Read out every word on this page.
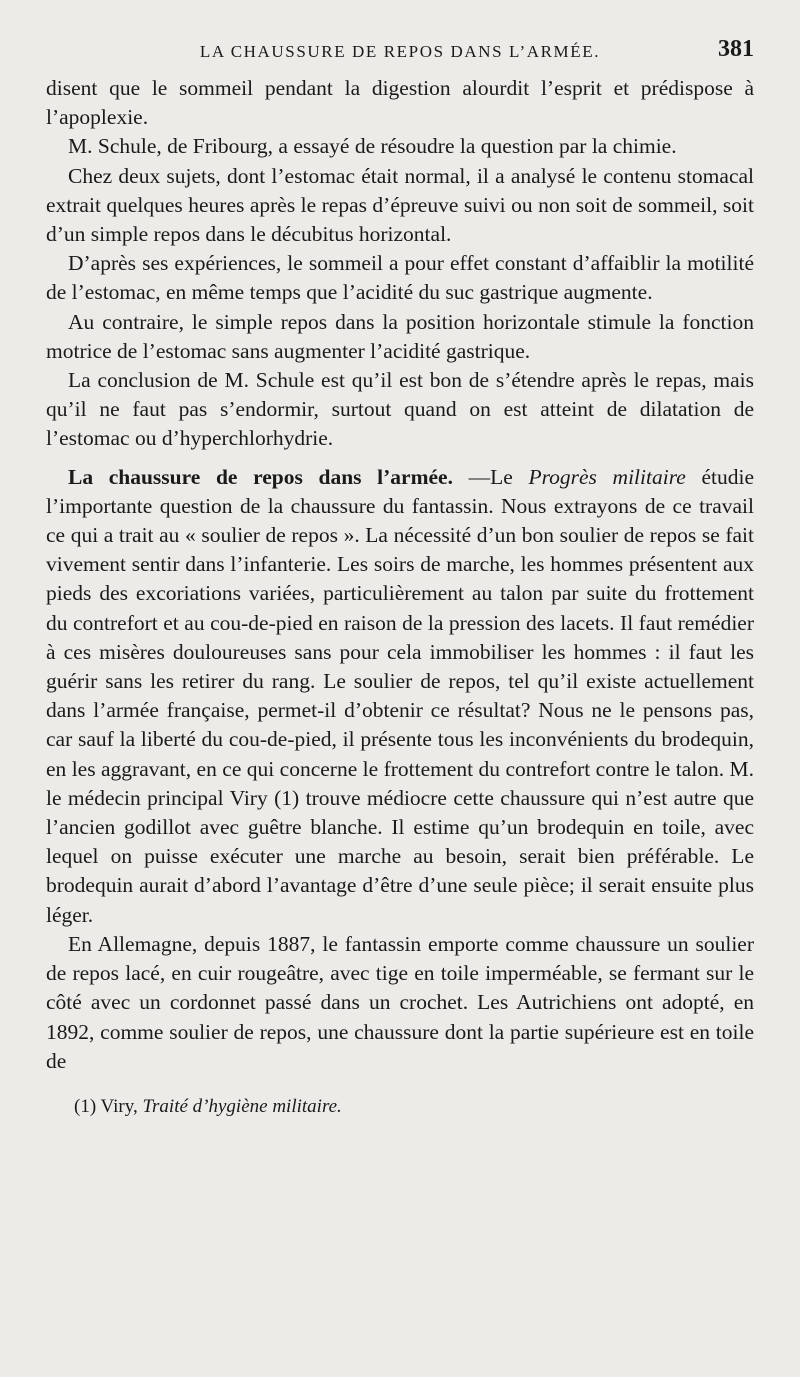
LA CHAUSSURE DE REPOS DANS L’ARMÉE.	381

disent que le sommeil pendant la digestion alourdit l’esprit et prédispose à l’apoplexie.

M. Schule, de Fribourg, a essayé de résoudre la question par la chimie.

Chez deux sujets, dont l’estomac était normal, il a analysé le contenu stomacal extrait quelques heures après le repas d’épreuve suivi ou non soit de sommeil, soit d’un simple repos dans le décubitus horizontal.

D’après ses expériences, le sommeil a pour effet constant d’affaiblir la motilité de l’estomac, en même temps que l’acidité du suc gastrique augmente.

Au contraire, le simple repos dans la position horizontale stimule la fonction motrice de l’estomac sans augmenter l’acidité gastrique.

La conclusion de M. Schule est qu’il est bon de s’étendre après le repas, mais qu’il ne faut pas s’endormir, surtout quand on est atteint de dilatation de l’estomac ou d’hyperchlorhydrie.

La chaussure de repos dans l’armée. —Le Progrès militaire étudie l’importante question de la chaussure du fantassin. Nous extrayons de ce travail ce qui a trait au « soulier de repos ». La nécessité d’un bon soulier de repos se fait vivement sentir dans l’infanterie. Les soirs de marche, les hommes présentent aux pieds des excoriations variées, particulièrement au talon par suite du frottement du contrefort et au cou-de-pied en raison de la pression des lacets. Il faut remédier à ces misères douloureuses sans pour cela immobiliser les hommes : il faut les guérir sans les retirer du rang. Le soulier de repos, tel qu’il existe actuellement dans l’armée française, permet-il d’obtenir ce résultat? Nous ne le pensons pas, car sauf la liberté du cou-de-pied, il présente tous les inconvénients du brodequin, en les aggravant, en ce qui concerne le frottement du contrefort contre le talon. M. le médecin principal Viry (1) trouve médiocre cette chaussure qui n’est autre que l’ancien godillot avec guêtre blanche. Il estime qu’un brodequin en toile, avec lequel on puisse exécuter une marche au besoin, serait bien préférable. Le brodequin aurait d’abord l’avantage d’être d’une seule pièce; il serait ensuite plus léger.

En Allemagne, depuis 1887, le fantassin emporte comme chaussure un soulier de repos lacé, en cuir rougeâtre, avec tige en toile imperméable, se fermant sur le côté avec un cordonnet passé dans un crochet. Les Autrichiens ont adopté, en 1892, comme soulier de repos, une chaussure dont la partie supérieure est en toile de

(1) Viry, Traité d’hygiène militaire.
